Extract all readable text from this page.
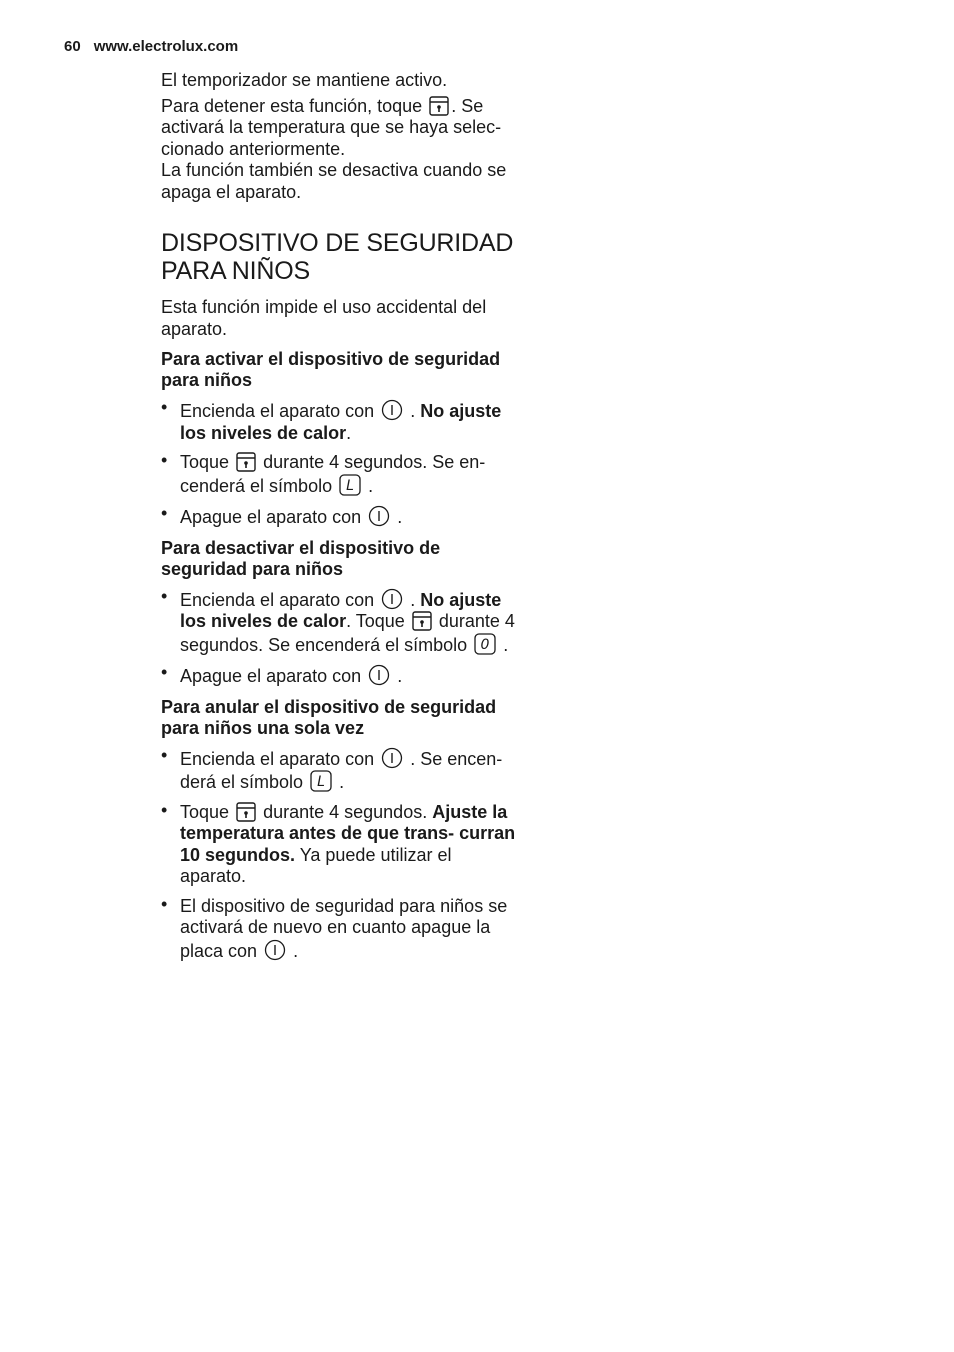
60 www.electrolux.com

El temporizador se mantiene activo.

Para detener esta función, toque . Se activará la temperatura que se haya selec- cionado anteriormente.

La función también se desactiva cuando se apaga el aparato.

DISPOSITIVO DE SEGURIDAD
PARA NIÑOS

Esta función impide el uso accidental del aparato.

Para activar el dispositivo de seguridad para niños
• Encienda el aparato con . No ajuste los niveles de calor.
• Toque durante 4 segundos. Se en- cenderá el símbolo L .
• Apague el aparato con .
Para desactivar el dispositivo de seguridad para niños
• Encienda el aparato con . No ajuste los niveles de calor. Toque durante 4 segundos. Se encenderá el símbolo 0 .
• Apague el aparato con .
Para anular el dispositivo de seguridad para niños una sola vez
• Encienda el aparato con . Se encen- derá el símbolo L .
• Toque durante 4 segundos. Ajuste la temperatura antes de que trans- curran 10 segundos. Ya puede utilizar el aparato.
• El dispositivo de seguridad para niños se activará de nuevo en cuanto apague la placa con .
